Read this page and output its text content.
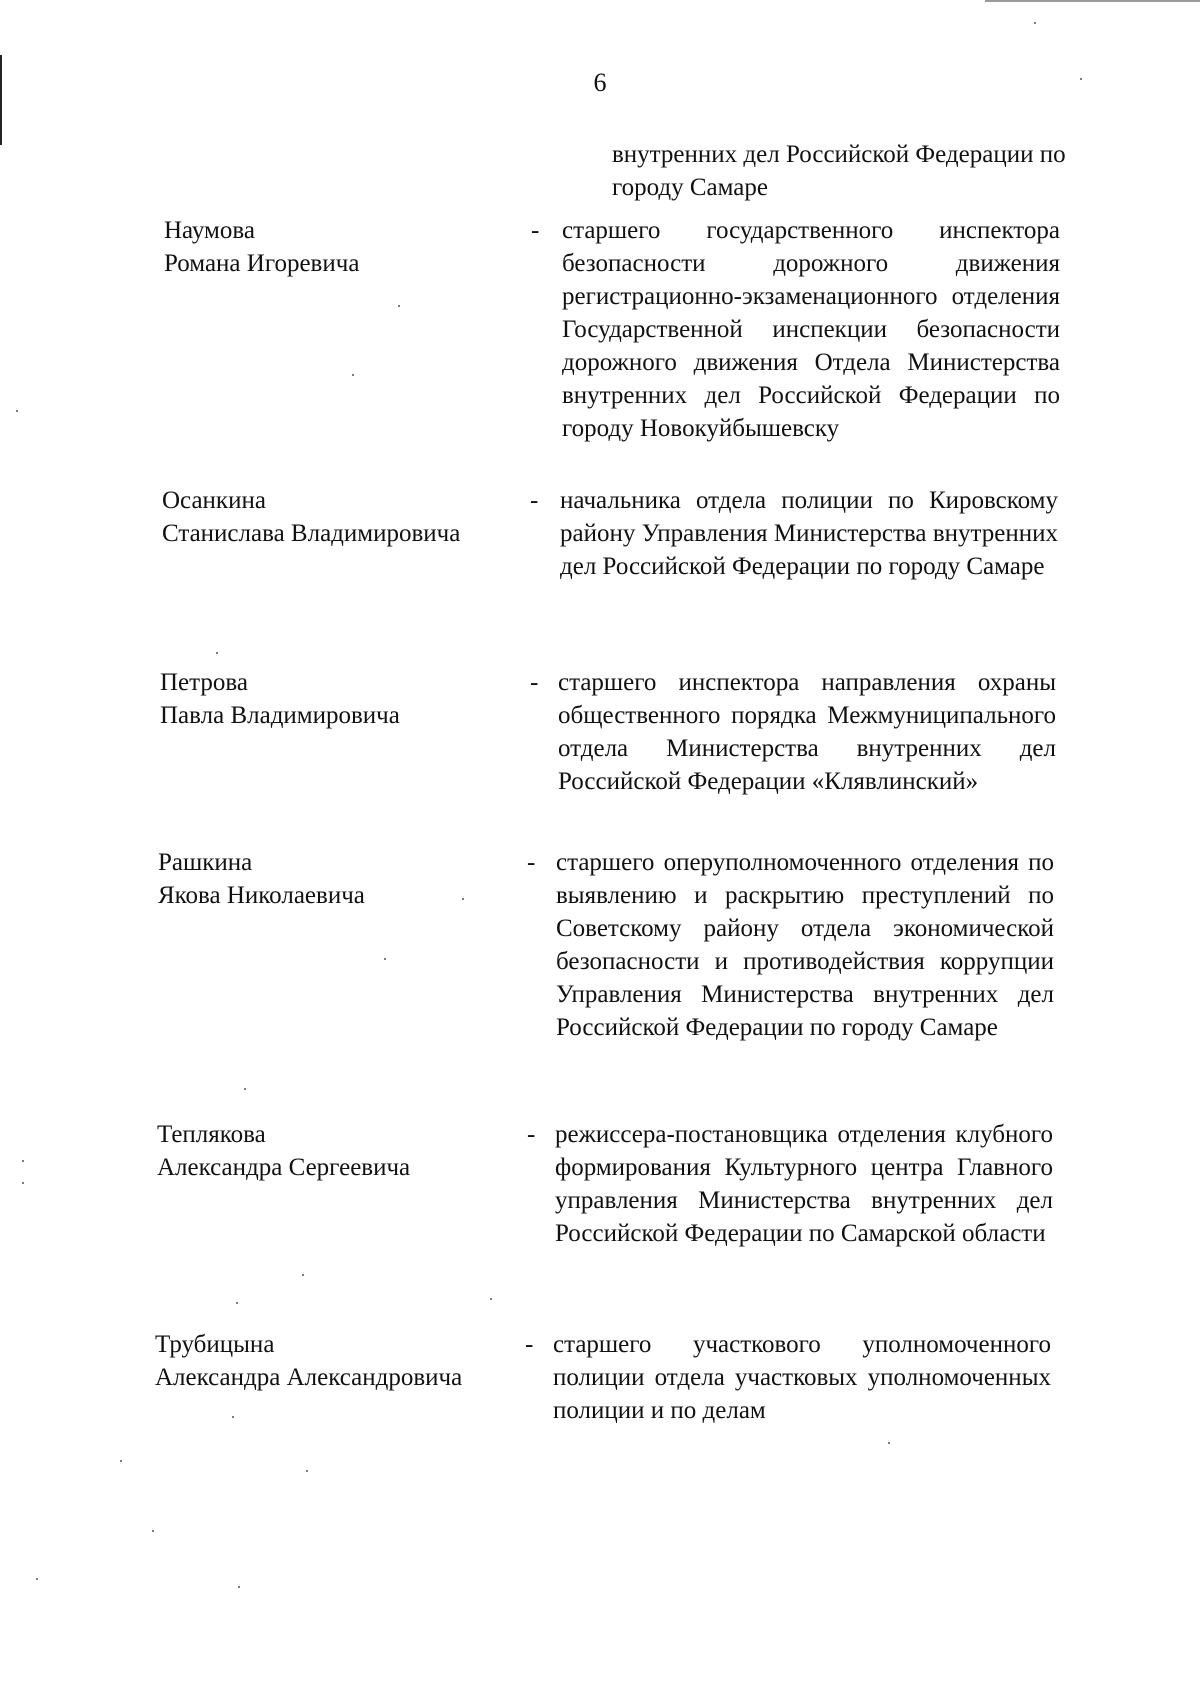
6
внутренних дел Российской Федерации по городу Самаре
Наумова
Романа Игоревича
- старшего государственного инспектора безопасности дорожного движения регистрационно-экзаменационного отделения Государственной инспекции безопасности дорожного движения Отдела Министерства внутренних дел Российской Федерации по городу Новокуйбышевску
Осанкина
Станислава Владимировича
- начальника отдела полиции по Кировскому району Управления Министерства внутренних дел Российской Федерации по городу Самаре
Петрова
Павла Владимировича
- старшего инспектора направления охраны общественного порядка Межмуниципального отдела Министерства внутренних дел Российской Федерации «Клявлинский»
Рашкина
Якова Николаевича
- старшего оперуполномоченного отделения по выявлению и раскрытию преступлений по Советскому району отдела экономической безопасности и противодействия коррупции Управления Министерства внутренних дел Российской Федерации по городу Самаре
Теплякова
Александра Сергеевича
- режиссера-постановщика отделения клубного формирования Культурного центра Главного управления Министерства внутренних дел Российской Федерации по Самарской области
Трубицына
Александра Александровича
- старшего участкового уполномоченного полиции отдела участковых уполномоченных полиции и по делам
